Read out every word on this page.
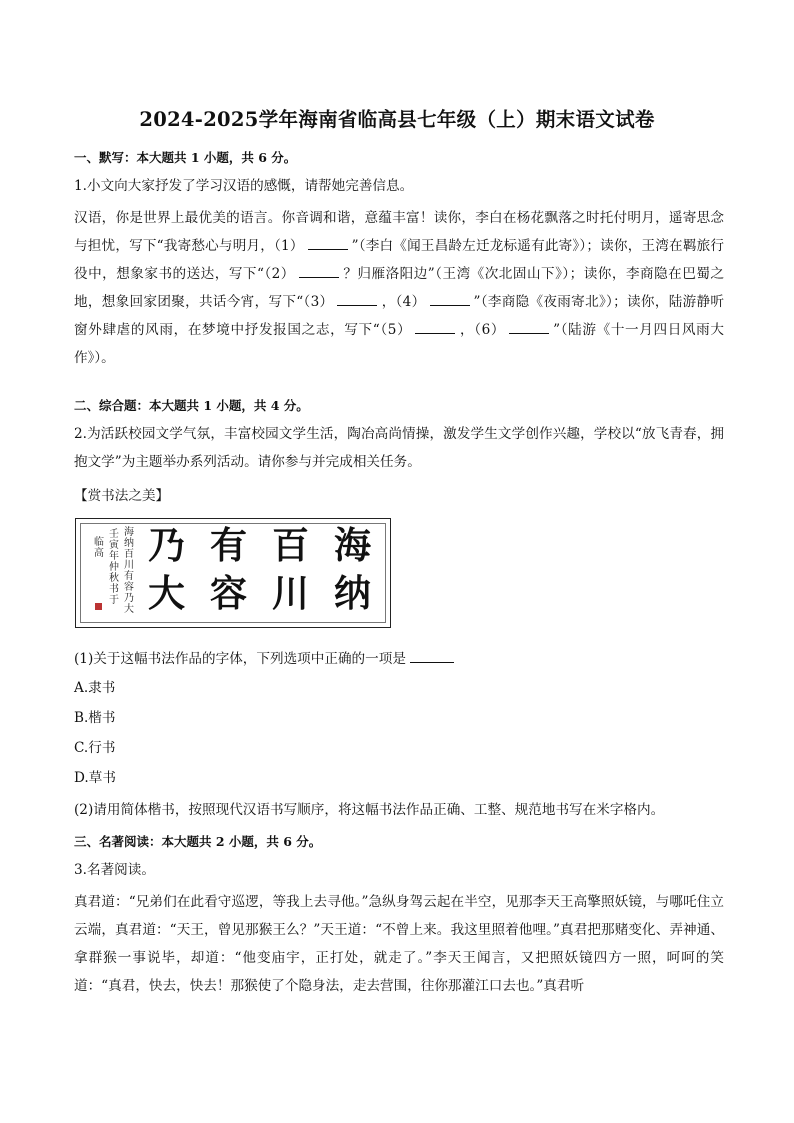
2024-2025学年海南省临高县七年级（上）期末语文试卷
一、默写：本大题共 1 小题，共 6 分。
1.小文向大家抒发了学习汉语的感慨，请帮她完善信息。
汉语，你是世界上最优美的语言。你音调和谐，意蕴丰富！读你，李白在杨花飘落之时托付明月，遥寄思念与担忧，写下“我寄愁心与明月，（1）	”（李白《闻王昌龄左迁龙标遥有此寄》）；读你，王湾在羁旅行役中，想象家书的送达，写下“（2）	？归雁洛阳边”（王湾《次北固山下》）；读你，李商隐在巴蜀之地，想象回家团聚，共话今宵，写下“（3）	，（4）	”（李商隐《夜雨寄北》）；读你，陆游静听窗外肆虐的风雨，在梦境中抒发报国之志，写下“（5）	，（6）	”（陆游《十一月四日风雨大作》）。
二、综合题：本大题共 1 小题，共 4 分。
2.为活跃校园文学气氛，丰富校园文学生活，陶冶高尚情操，激发学生文学创作兴趣，学校以“放飞青春，拥抱文学”为主题举办系列活动。请你参与并完成相关任务。
【赏书法之美】
海
纳
百
川
有
容
乃
大
海纳百川有容乃大
壬寅年仲秋书于
临高
(1)关于这幅书法作品的字体，下列选项中正确的一项是
A.隶书
B.楷书
C.行书
D.草书
(2)请用简体楷书，按照现代汉语书写顺序，将这幅书法作品正确、工整、规范地书写在米字格内。
三、名著阅读：本大题共 2 小题，共 6 分。
3.名著阅读。
真君道：“兄弟们在此看守巡逻，等我上去寻他。”急纵身驾云起在半空，见那李天王高擎照妖镜，与哪吒住立云端，真君道：“天王，曾见那猴王么？”天王道：“不曾上来。我这里照着他哩。”真君把那赌变化、弄神通、拿群猴一事说毕，却道：“他变庙宇，正打处，就走了。”李天王闻言，又把照妖镜四方一照，呵呵的笑道：“真君，快去，快去！那猴使了个隐身法，走去营围，往你那灌江口去也。”真君听
